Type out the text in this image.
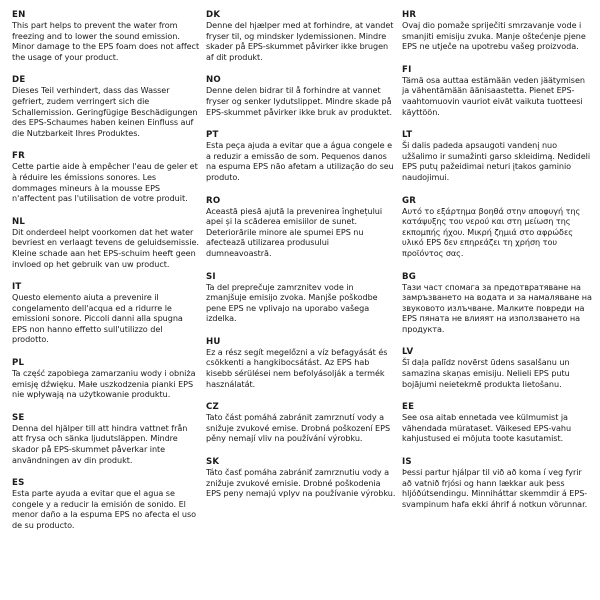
EN

This part helps to prevent the water from freezing and to lower the sound emission. Minor damage to the EPS foam does not affect the usage of your product.

DE

Dieses Teil verhindert, dass das Wasser gefriert, zudem verringert sich die Schallemission. Geringfügige Beschädigungen des EPS-Schaumes haben keinen Einfluss auf die Nutzbarkeit Ihres Produktes.

FR

Cette partie aide à empêcher l'eau de geler et à réduire les émissions sonores. Les dommages mineurs à la mousse EPS n'affectent pas l'utilisation de votre produit.

NL

Dit onderdeel helpt voorkomen dat het water bevriest en verlaagt tevens de geluidsemissie. Kleine schade aan het EPS-schuim heeft geen invloed op het gebruik van uw product.

IT

Questo elemento aiuta a prevenire il congelamento dell'acqua ed a ridurre le emissioni sonore. Piccoli danni alla spugna EPS non hanno effetto sull'utilizzo del prodotto.

PL

Ta część zapobiega zamarzaniu wody i obniża emisję dźwięku. Małe uszkodzenia pianki EPS nie wpływają na użytkowanie produktu.

SE

Denna del hjälper till att hindra vattnet från att frysa och sänka ljudutsläppen. Mindre skador på EPS-skummet påverkar inte användningen av din produkt.

ES

Esta parte ayuda a evitar que el agua se congele y a reducir la emisión de sonido. El menor daño a la espuma EPS no afecta el uso de su producto.

DK

Denne del hjælper med at forhindre, at vandet fryser til, og mindsker lydemissionen. Mindre skader på EPS-skummet påvirker ikke brugen af dit produkt.

NO

Denne delen bidrar til å forhindre at vannet fryser og senker lydutslippet. Mindre skade på EPS-skummet påvirker ikke bruk av produktet.

PT

Esta peça ajuda a evitar que a água congele e a reduzir a emissão de som. Pequenos danos na espuma EPS não afetam a utilização do seu produto.

RO

Această piesă ajută la prevenirea înghețului apei și la scăderea emisiilor de sunet. Deteriorările minore ale spumei EPS nu afectează utilizarea produsului dumneavoastră.

SI

Ta del preprečuje zamrznitev vode in zmanjšuje emisijo zvoka. Manjše poškodbe pene EPS ne vplivajo na uporabo vašega izdelka.

HU

Ez a rész segít megelőzni a víz befagyását és csökkenti a hangkibocsátást. Az EPS hab kisebb sérülései nem befolyásolják a termék használatát.

CZ

Tato část pomáhá zabránit zamrznutí vody a snižuje zvukové emise. Drobná poškození EPS pěny nemají vliv na používání výrobku.

SK

Táto časť pomáha zabrániť zamrznutiu vody a znižuje zvukové emisie. Drobné poškodenia EPS peny nemajú vplyv na používanie výrobku.

HR

Ovaj dio pomaže spriječiti smrzavanje vode i smanjiti emisiju zvuka. Manje oštećenje pjene EPS ne utječe na upotrebu vašeg proizvoda.

FI

Tämä osa auttaa estämään veden jäätymisen ja vähentämään äänisaastetta. Pienet EPS-vaahtomuovin vauriot eivät vaikuta tuotteesi käyttöön.

LT

Ši dalis padeda apsaugoti vandenį nuo užšalimo ir sumažinti garso skleidimą. Nedideli EPS putų pažeidimai neturi įtakos gaminio naudojimui.

GR

Αυτό το εξάρτημα βοηθά στην αποφυγή της κατάψυξης του νερού και στη μείωση της εκπομπής ήχου. Μικρή ζημιά στο αφρώδες υλικό EPS δεν επηρεάζει τη χρήση του προϊόντος σας.

BG

Тази част спомага за предотвратяване на замръзването на водата и за намаляване на звуковото излъчване. Малките повреди на EPS пяната не влияят на използването на продукта.

LV

Šī daļa palīdz novērst ūdens sasalšanu un samazina skaņas emisiju. Nelieli EPS putu bojājumi neietekmē produkta lietošanu.

EE

See osa aitab ennetada vee külmumist ja vähendada mürataset. Väikesed EPS-vahu kahjustused ei mõjuta toote kasutamist.

IS

Þessi partur hjálpar til við að koma í veg fyrir að vatnið frjósi og hann lækkar auk þess hljóðútsendingu. Minniháttar skemmdir á EPS-svampinum hafa ekki áhrif á notkun vörunnar.
